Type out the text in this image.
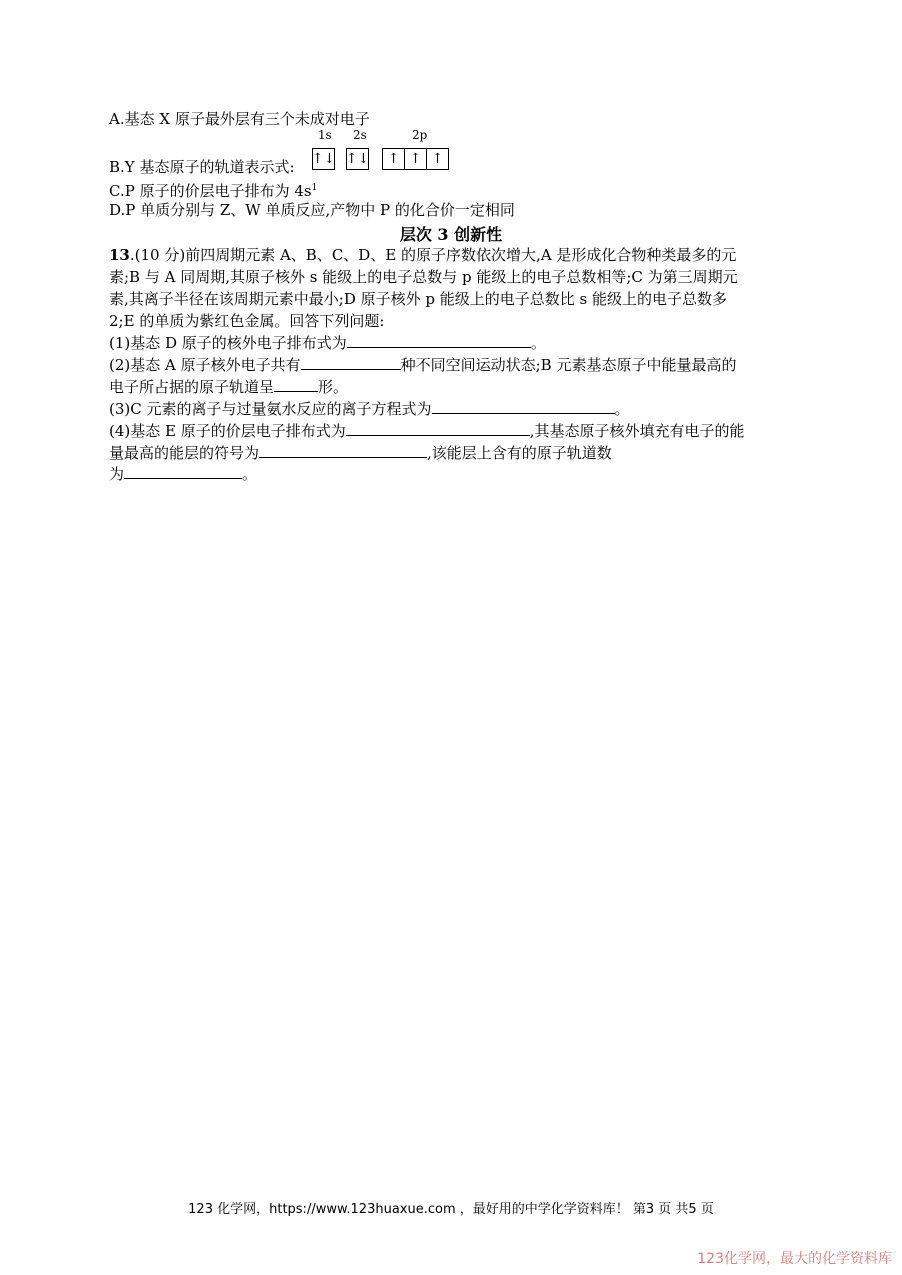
A.基态 X 原子最外层有三个未成对电子
1s 2s	2p
B.Y 基态原子的轨道表示式: ↑↓ ↑↓	↑ ↑ ↑
C.P 原子的价层电子排布为 $4s^1$
D.P 单质分别与 Z、W 单质反应,产物中 P 的化合价一定相同
层次 3 创新性
13.(10 分)前四周期元素 A、B、C、D、E 的原子序数依次增大,A 是形成化合物种类最多的元
素;B 与 A 同周期,其原子核外 s 能级上的电子总数与 p 能级上的电子总数相等;C 为第三周期元
素,其离子半径在该周期元素中最小;D 原子核外 p 能级上的电子总数比 s 能级上的电子总数多
2;E 的单质为紫红色金属。回答下列问题:
(1)基态 D 原子的核外电子排布式为	。
(2)基态 A 原子核外电子共有	种不同空间运动状态;B 元素基态原子中能量最高的
电子所占据的原子轨道呈	形。
(3)C 元素的离子与过量氨水反应的离子方程式为	。
(4)基态 E 原子的价层电子排布式为	,其基态原子核外填充有电子的能
量最高的能层的符号为	,该能层上含有的原子轨道数
为	。
123 化学网，https://www.123huaxue.com ，最好用的中学化学资料库！ 第3 页 共5 页
123化学网，最大的化学资料库
